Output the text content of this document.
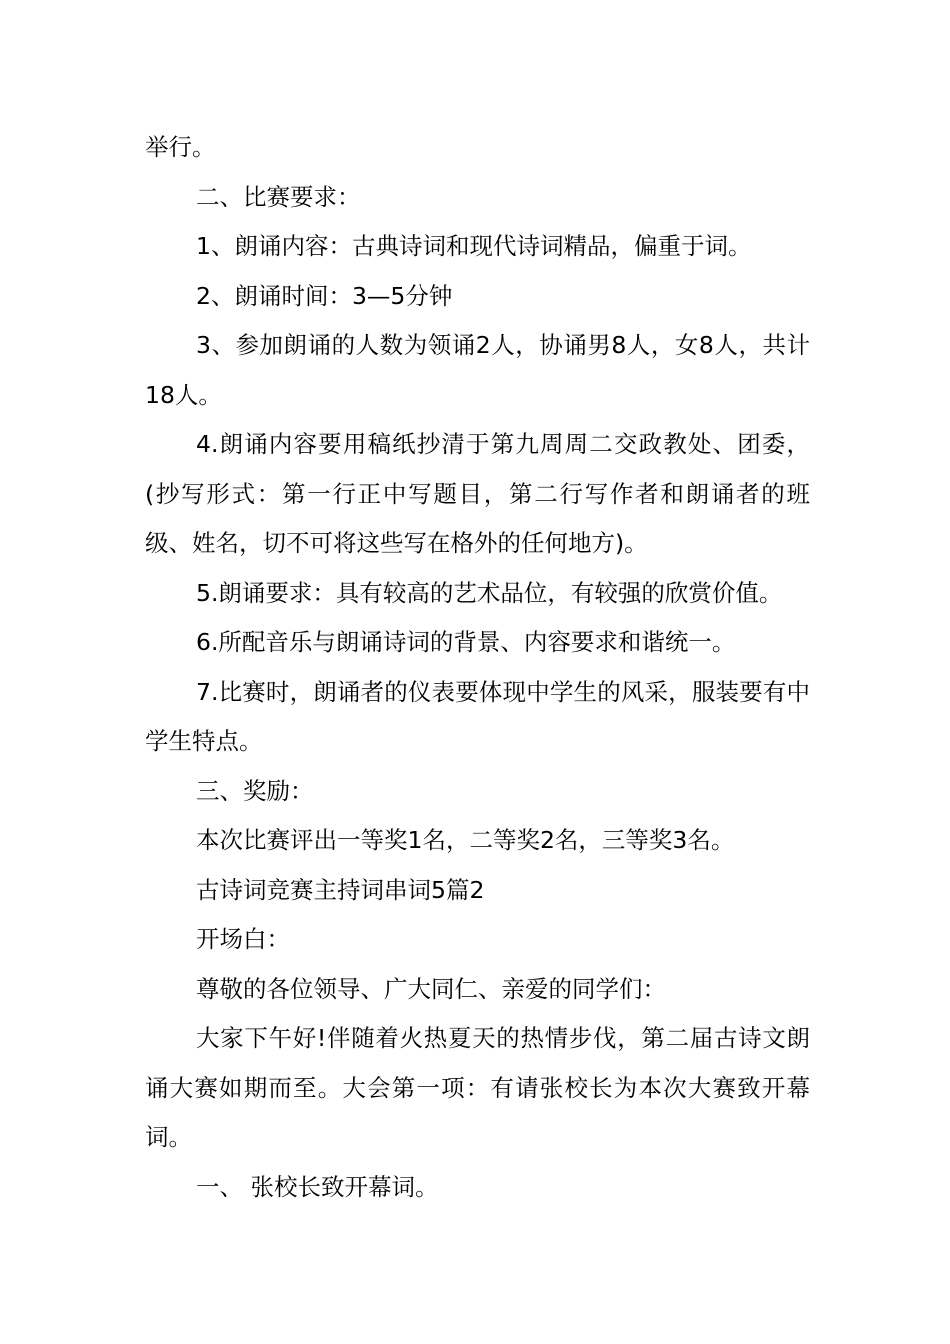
举行。

二、比赛要求：

1、朗诵内容：古典诗词和现代诗词精品，偏重于词。

2、朗诵时间：3—5分钟

3、参加朗诵的人数为领诵2人，协诵男8人，女8人，共计18人。

4.朗诵内容要用稿纸抄清于第九周周二交政教处、团委，(抄写形式：第一行正中写题目，第二行写作者和朗诵者的班级、姓名，切不可将这些写在格外的任何地方)。

5.朗诵要求：具有较高的艺术品位，有较强的欣赏价值。

6.所配音乐与朗诵诗词的背景、内容要求和谐统一。

7.比赛时，朗诵者的仪表要体现中学生的风采，服装要有中学生特点。

三、奖励：

本次比赛评出一等奖1名，二等奖2名，三等奖3名。

古诗词竞赛主持词串词5篇2

开场白：

尊敬的各位领导、广大同仁、亲爱的同学们：

大家下午好!伴随着火热夏天的热情步伐，第二届古诗文朗诵大赛如期而至。大会第一项：有请张校长为本次大赛致开幕词。

一、 张校长致开幕词。
